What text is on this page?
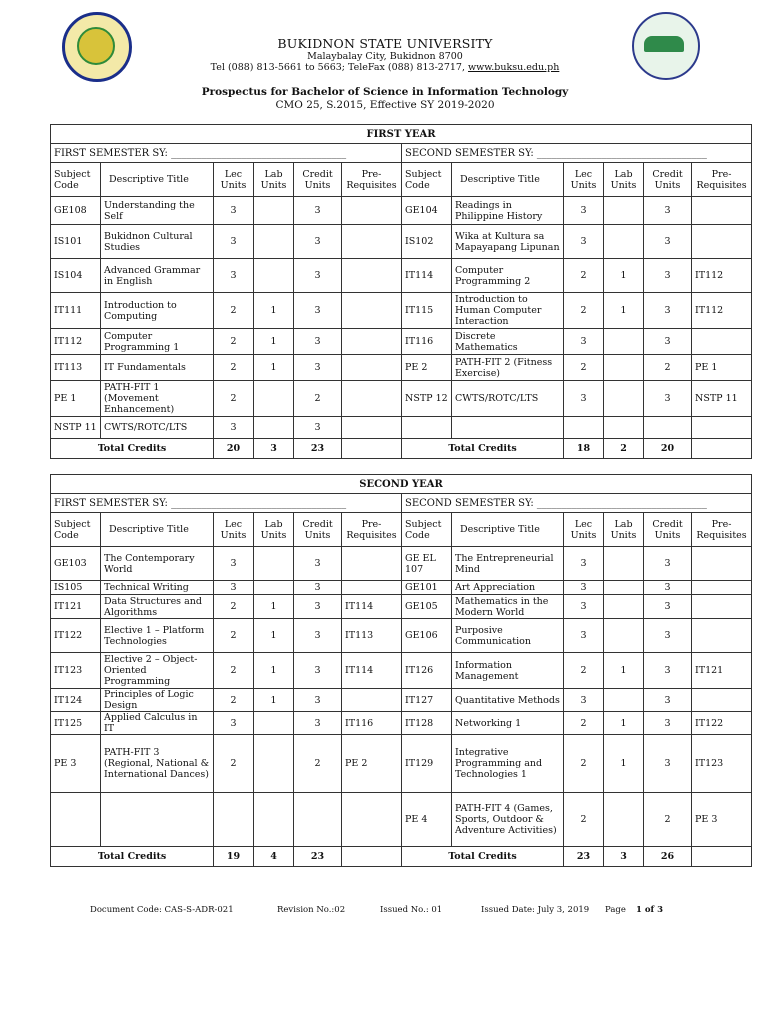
BUKIDNON STATE UNIVERSITY
Malaybalay City, Bukidnon 8700
Tel (088) 813-5661 to 5663; TeleFax (088) 813-2717, www.buksu.edu.ph
Prospectus for Bachelor of Science in Information Technology
CMO 25, S.2015, Effective SY 2019-2020
FIRST YEAR											
FIRST SEMESTER SY: ___________________________________						SECOND SEMESTER SY: __________________________________					
Subject Code	Descriptive Title	Lec Units	Lab Units	Credit Units	Pre-Requisites	Subject Code	Descriptive Title	Lec Units	Lab Units	Credit Units	Pre-Requisites
GE108	Understanding the Self	3		3		GE104	Readings in Philippine History	3		3	
IS101	Bukidnon Cultural Studies	3		3		IS102	Wika at Kultura sa Mapayapang Lipunan	3		3	
IS104	Advanced Grammar in English	3		3		IT114	Computer Programming 2	2	1	3	IT112
IT111	Introduction to Computing	2	1	3		IT115	Introduction to Human Computer Interaction	2	1	3	IT112
IT112	Computer Programming 1	2	1	3		IT116	Discrete Mathematics	3		3	
IT113	IT Fundamentals	2	1	3		PE 2	PATH-FIT 2 (Fitness Exercise)	2		2	PE 1
PE 1	PATH-FIT 1 (Movement Enhancement)	2		2		NSTP 12	CWTS/ROTC/LTS	3		3	NSTP 11
NSTP 11	CWTS/ROTC/LTS	3		3							
Total Credits		20	3	23		Total Credits		18	2	20	
SECOND YEAR											
FIRST SEMESTER SY: ___________________________________						SECOND SEMESTER SY: __________________________________					
Subject Code	Descriptive Title	Lec Units	Lab Units	Credit Units	Pre-Requisites	Subject Code	Descriptive Title	Lec Units	Lab Units	Credit Units	Pre-Requisites
GE103	The Contemporary World	3		3		GE EL 107	The Entrepreneurial Mind	3		3	
IS105	Technical Writing	3		3		GE101	Art Appreciation	3		3	
IT121	Data Structures and Algorithms	2	1	3	IT114	GE105	Mathematics in the Modern World	3		3	
IT122	Elective 1 – Platform Technologies	2	1	3	IT113	GE106	Purposive Communication	3		3	
IT123	Elective 2 – Object-Oriented Programming	2	1	3	IT114	IT126	Information Management	2	1	3	IT121
IT124	Principles of Logic Design	2	1	3		IT127	Quantitative Methods	3		3	
IT125	Applied Calculus in IT	3		3	IT116	IT128	Networking 1	2	1	3	IT122
PE 3	PATH-FIT 3 (Regional, National & International Dances)	2		2	PE 2	IT129	Integrative Programming and Technologies 1	2	1	3	IT123
						PE 4	PATH-FIT 4 (Games, Sports, Outdoor & Adventure Activities)	2		2	PE 3
Total Credits		19	4	23		Total Credits		23	3	26	
Document Code: CAS-S-ADR-021	Revision No.:02	Issued No.: 01	Issued Date: July 3, 2019 Page 1 of 3
